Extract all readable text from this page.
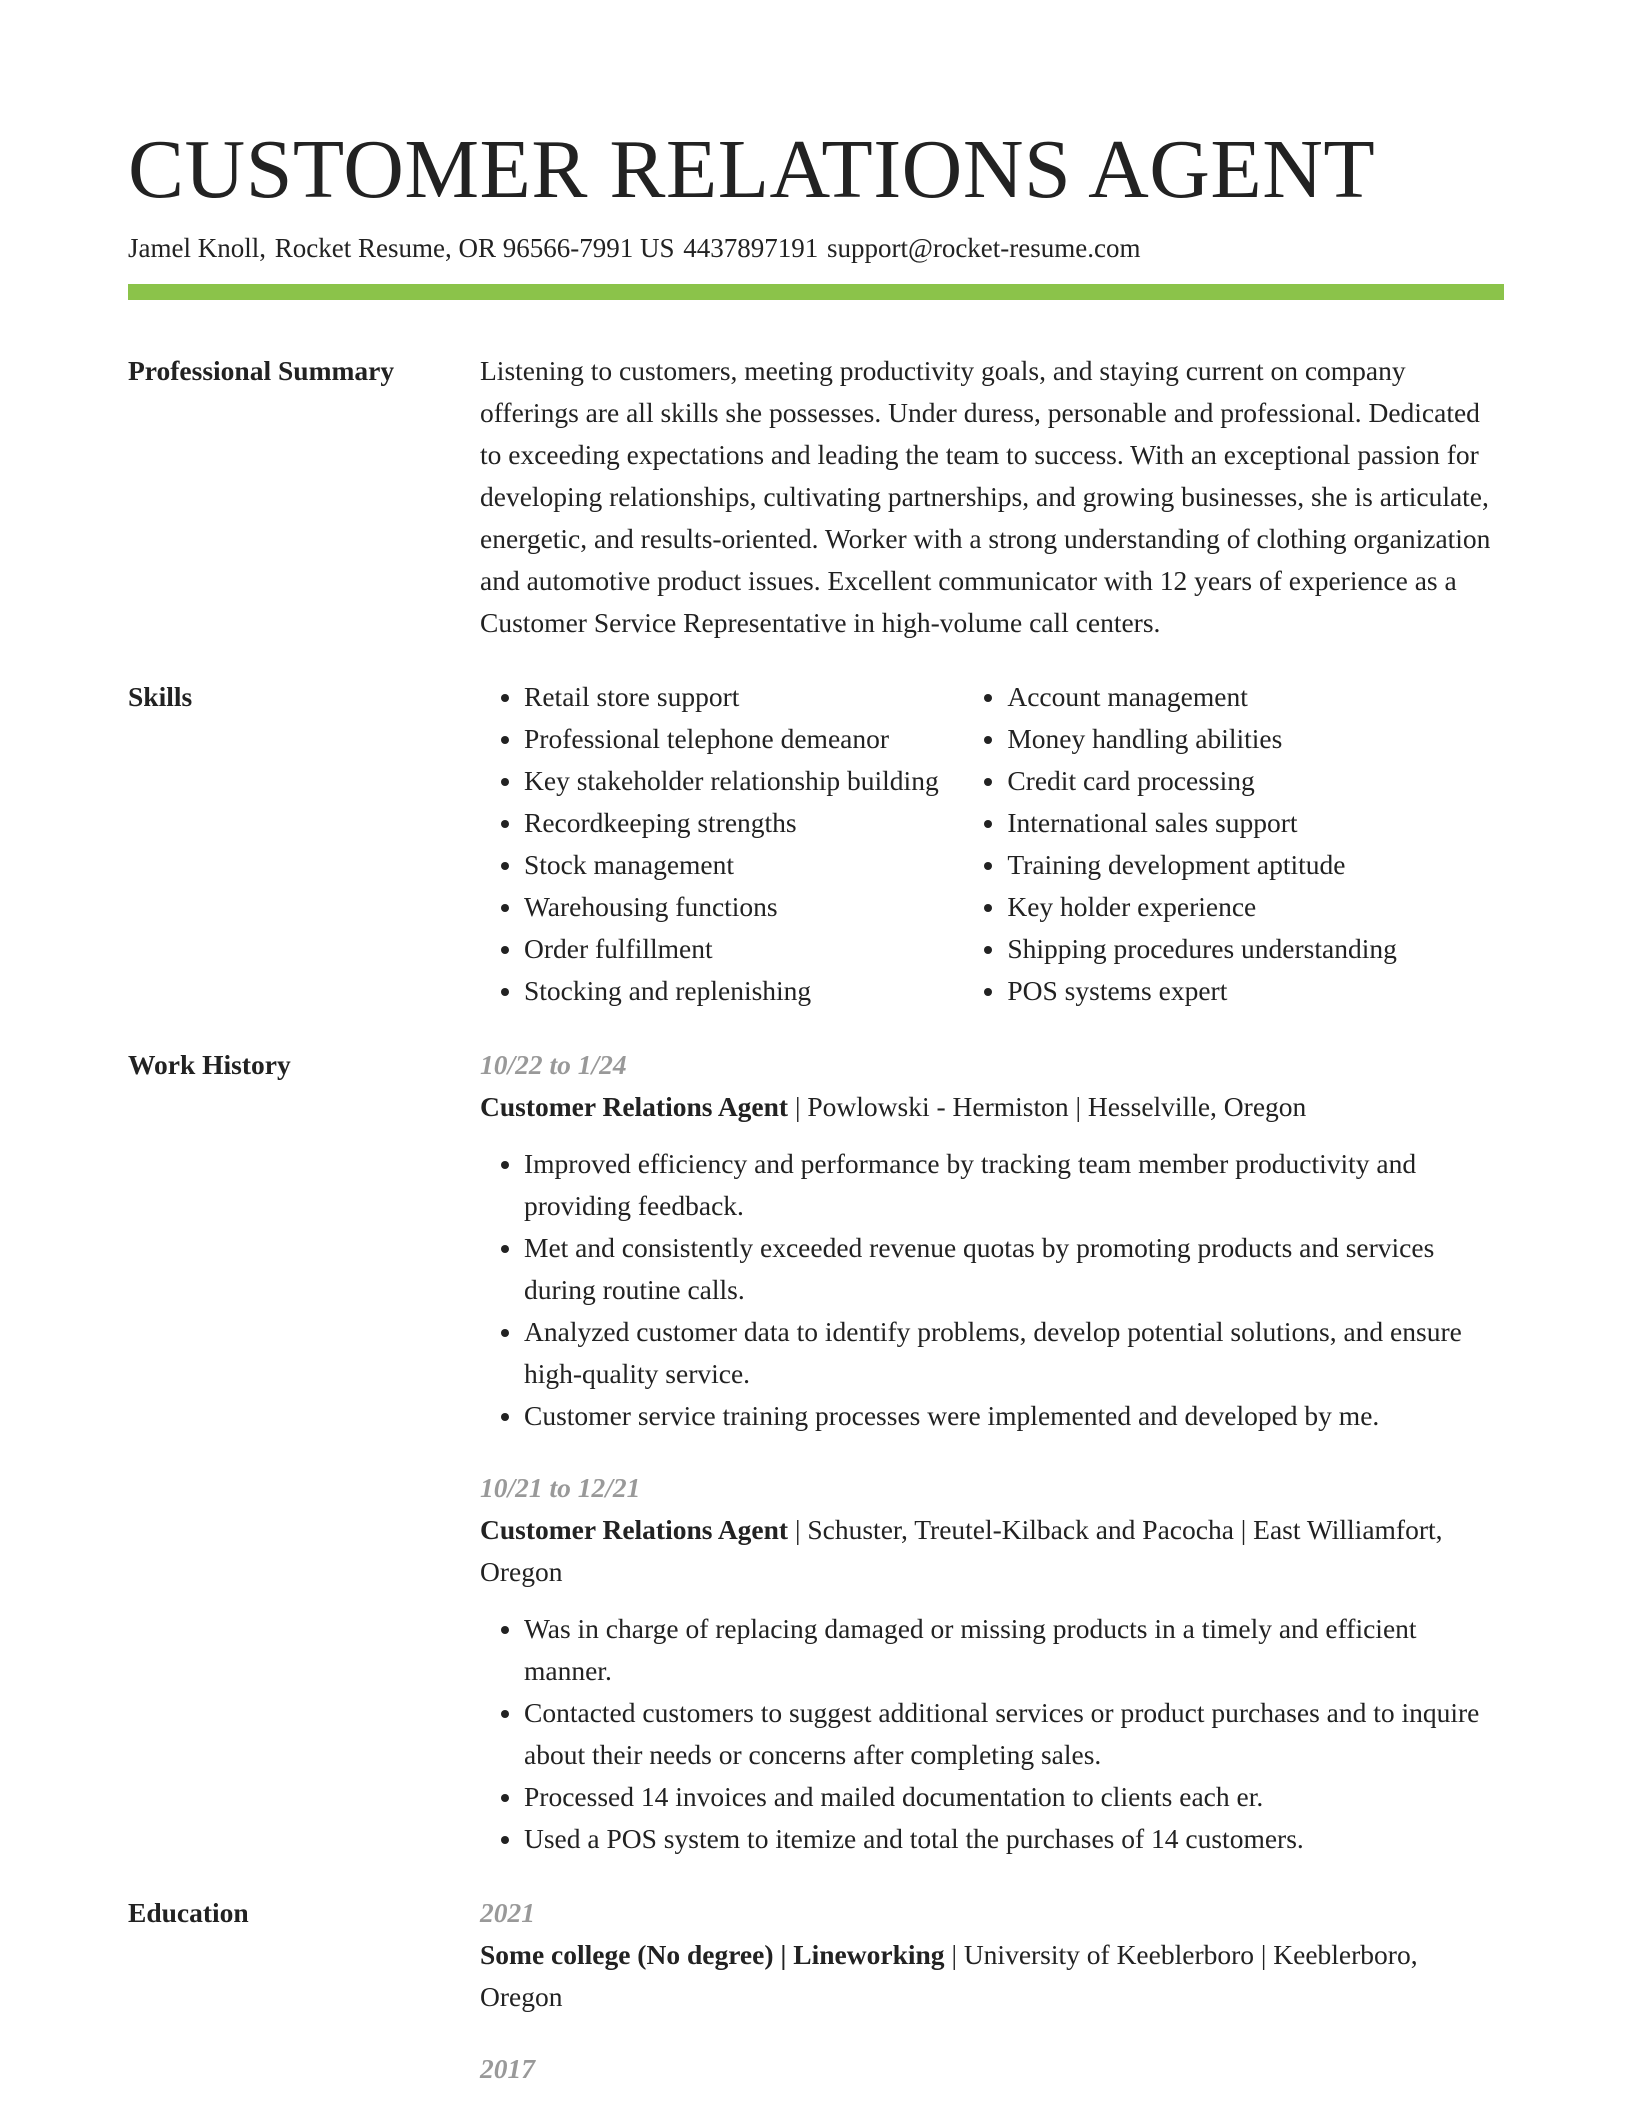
CUSTOMER RELATIONS AGENT
Jamel Knoll, Rocket Resume, OR 96566-7991 US 4437897191 support@rocket-resume.com
Professional Summary	Listening to customers, meeting productivity goals, and staying current on company offerings are all skills she possesses. Under duress, personable and professional. Dedicated to exceeding expectations and leading the team to success. With an exceptional passion for developing relationships, cultivating partnerships, and growing businesses, she is articulate, energetic, and results-oriented. Worker with a strong understanding of clothing organization and automotive product issues. Excellent communicator with 12 years of experience as a Customer Service Representative in high-volume call centers.
Skills
•	Retail store support
• Professional telephone demeanor
• Key stakeholder relationship building
• Recordkeeping strengths
• Stock management
• Warehousing functions
• Order fulfillment
• Stocking and replenishing
• Account management
• Money handling abilities
• Credit card processing
• International sales support
• Training development aptitude
• Key holder experience
• Shipping procedures understanding
• POS systems expert
Work History	10/22 to 1/24
Customer Relations Agent | Powlowski - Hermiston | Hesselville, Oregon
• Improved efficiency and performance by tracking team member productivity and providing feedback.
• Met and consistently exceeded revenue quotas by promoting products and services during routine calls.
• Analyzed customer data to identify problems, develop potential solutions, and ensure high-quality service.
• Customer service training processes were implemented and developed by me.
10/21 to 12/21
Customer Relations Agent | Schuster, Treutel-Kilback and Pacocha | East Williamfort, Oregon
• Was in charge of replacing damaged or missing products in a timely and efficient manner.
• Contacted customers to suggest additional services or product purchases and to inquire about their needs or concerns after completing sales.
• Processed 14 invoices and mailed documentation to clients each er.
• Used a POS system to itemize and total the purchases of 14 customers.
Education	2021
Some college (No degree) | Lineworking | University of Keeblerboro | Keeblerboro, Oregon
2017
